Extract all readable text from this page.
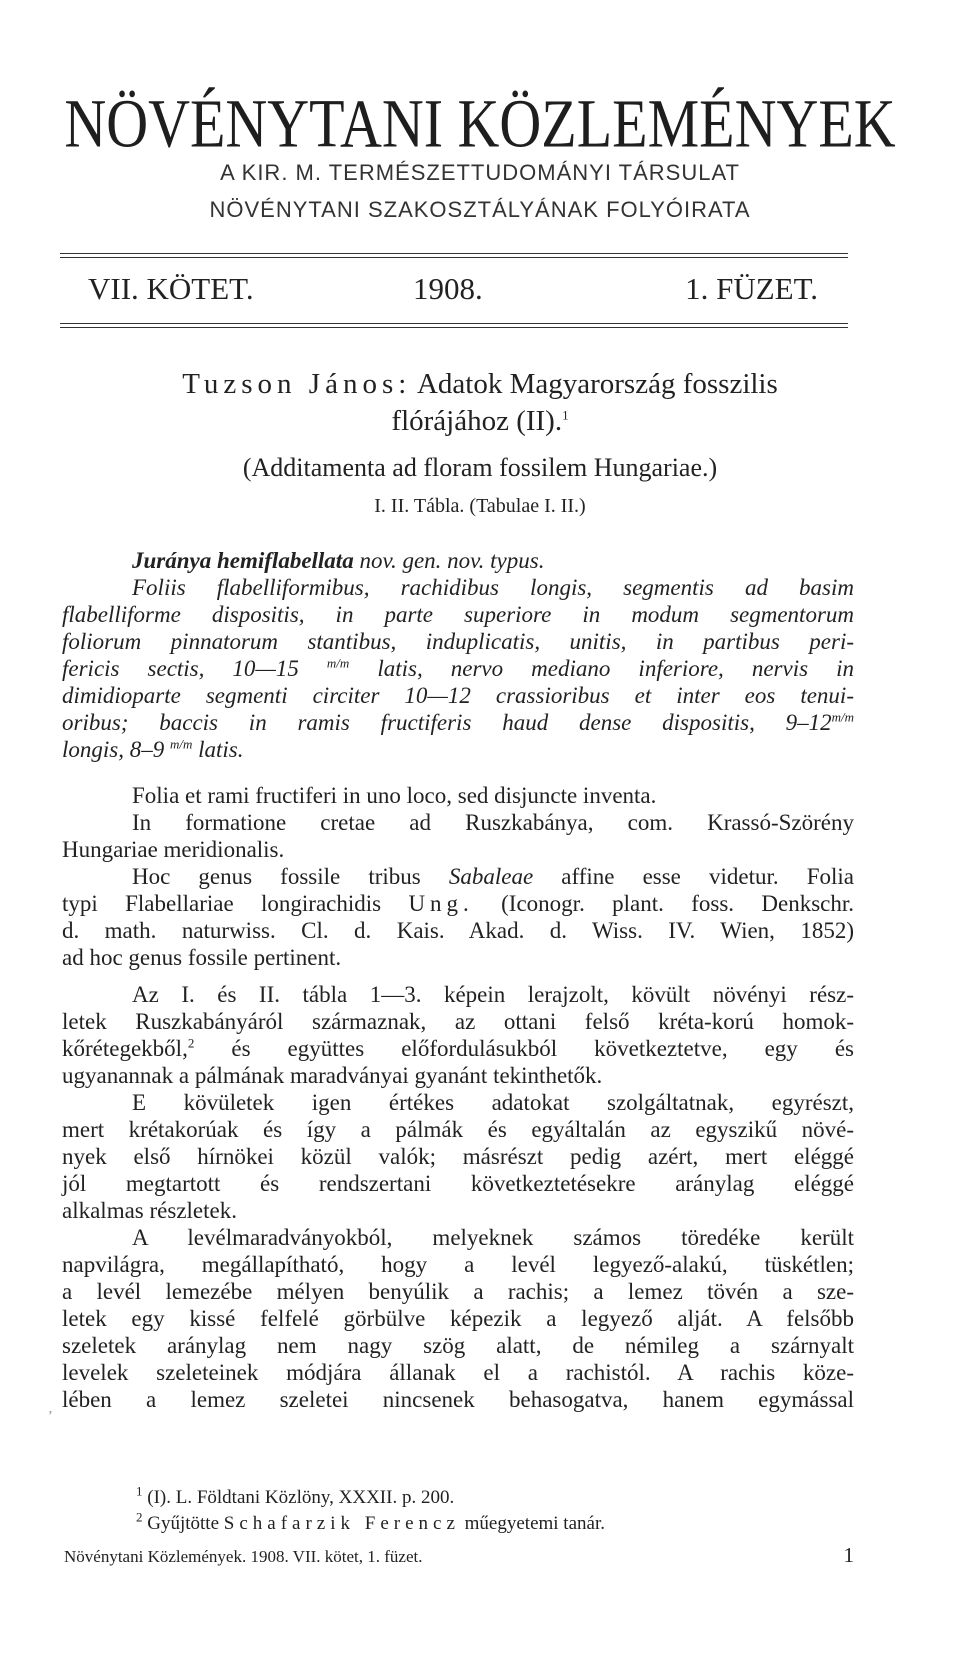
NÖVÉNYTANI KÖZLEMÉNYEK
A KIR. M. TERMÉSZETTUDOMÁNYI TÁRSULAT
NÖVÉNYTANI SZAKOSZTÁLYÁNAK FOLYÓIRATA
VII. KÖTET.	1908.	1. FÜZET.
Tuzson János: Adatok Magyarország fosszilis
flórájához (II).$^1$
(Additamenta ad floram fossilem Hungariae.)
I. II. Tábla. (Tabulae I. II.)
Juránya hemiflabellata nov. gen. nov. typus.

Foliis flabelliformibus, rachidibus longis, segmentis ad basim

flabelliforme dispositis, in parte superiore in modum segmentorum

foliorum pinnatorum stantibus, induplicatis, unitis, in partibus peri-

fericis sectis, 10—15 $^{m/m}$ latis, nervo mediano inferiore, nervis in

dimidioparte segmenti circiter 10—12 crassioribus et inter eos tenui-

oribus; baccis in ramis fructiferis haud dense dispositis, $9-12^{m/m}$

longis, 8–9 $^{m/m}$ latis.

Folia et rami fructiferi in uno loco, sed disjuncte inventa.

In formatione cretae ad Ruszkabánya, com. Krassó-Szörény

Hungariae meridionalis.

Hoc genus fossile tribus Sabaleae affine esse videtur. Folia

typi Flabellariae longirachidis Ung. (Iconogr. plant. foss. Denkschr.

d. math. naturwiss. Cl. d. Kais. Akad. d. Wiss. IV. Wien, 1852)

ad hoc genus fossile pertinent.

Az I. és II. tábla 1—3. képein lerajzolt, kövült növényi rész-

letek Ruszkabányáról származnak, az ottani felső kréta-korú homok-

kőrétegekből,$^2$ és együttes előfordulásukból következtetve, egy és

ugyanannak a pálmának maradványai gyanánt tekinthetők.

E kövületek igen értékes adatokat szolgáltatnak, egyrészt,

mert krétakorúak és így a pálmák és egyáltalán az egyszikű növé-

nyek első hírnökei közül valók; másrészt pedig azért, mert eléggé

jól megtartott és rendszertani következtetésekre aránylag eléggé

alkalmas részletek.

A levélmaradványokból, melyeknek számos töredéke került

napvilágra, megállapítható, hogy a levél legyező-alakú, tüskétlen;

a levél lemezébe mélyen benyúlik a rachis; a lemez tövén a sze-

letek egy kissé felfelé görbülve képezik a legyező alját. A felsőbb

szeletek aránylag nem nagy szög alatt, de némileg a szárnyalt

levelek szeleteinek módjára állanak el a rachistól. A rachis köze-

lében a lemez szeletei nincsenek behasogatva, hanem egymással

ʼ
$^1$ (I). L. Földtani Közlöny, XXXII. p. 200.
$^2$ Gyűjtötte Schafarzik Ferencz műegyetemi tanár.
Növénytani Közlemények. 1908. VII. kötet, 1. füzet.	1
